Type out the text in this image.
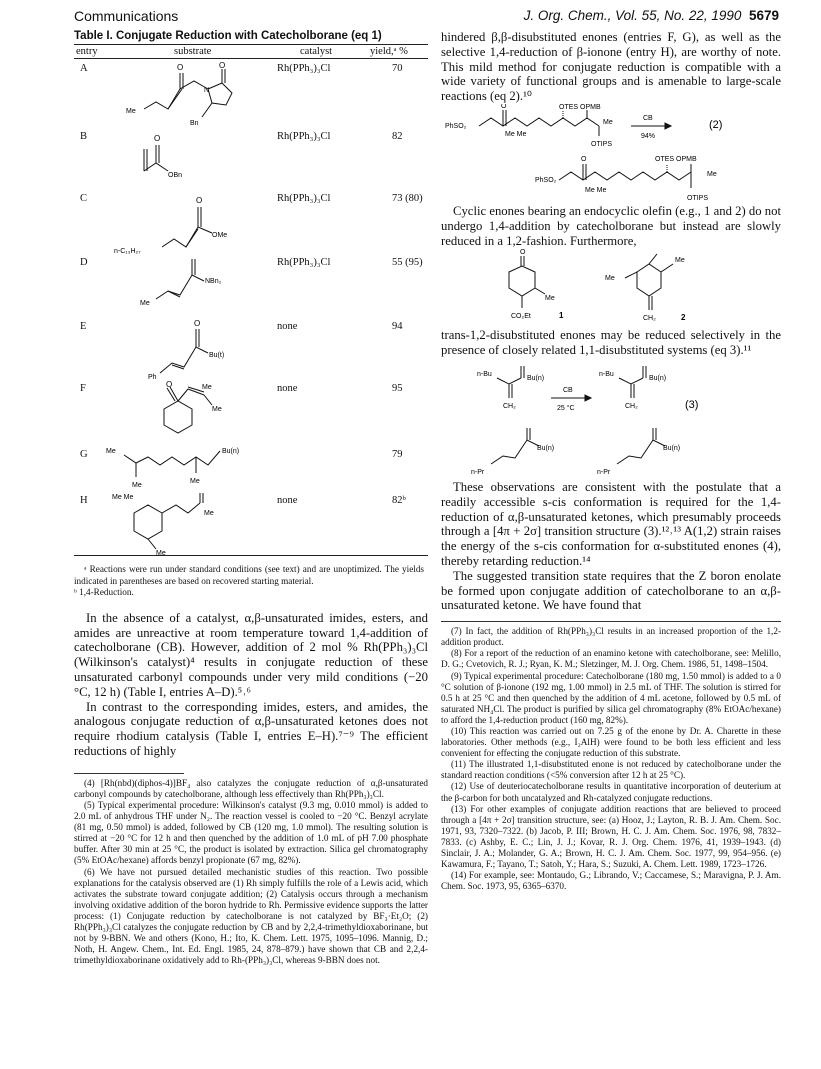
Communications	J. Org. Chem., Vol. 55, No. 22, 1990 5679
Table I. Conjugate Reduction with Catecholborane (eq 1)
entry	substrate	catalyst	yield,ᵃ %
A	Rh(PPh₃)₃Cl	70
O	O
Me
Bn
N
B	Rh(PPh₃)₃Cl	82
O
OBn
C	Rh(PPh₃)₃Cl	73 (80)
O
OMe
n-C₁₃H₂₇
D	Rh(PPh₃)₃Cl	55 (95)
NBn₂
Me
E	none	94
O
Bu(t)
Ph
F	none	95
O	Me
Me
G	79
Me
Me
Me
Bu(n)
H	none	82ᵇ
Me Me
Me
Me
ᵃ Reactions were run under standard conditions (see text) and are unoptimized. The yields indicated in parentheses are based on recovered starting material.
ᵇ 1,4-Reduction.

In the absence of a catalyst, α,β-unsaturated imides, esters, and amides are unreactive at room temperature toward 1,4-addition of catecholborane (CB). However, addition of 2 mol % Rh(PPh₃)₃Cl (Wilkinson's catalyst)⁴ results in conjugate reduction of these unsaturated carbonyl compounds under very mild conditions (−20 °C, 12 h) (Table I, entries A–D).⁵˒⁶

In contrast to the corresponding imides, esters, and amides, the analogous conjugate reduction of α,β-unsaturated ketones does not require rhodium catalysis (Table I, entries E–H).⁷⁻⁹ The efficient reductions of highly

(4) [Rh(nbd)(diphos-4)]BF₄ also catalyzes the conjugate reduction of α,β-unsaturated carbonyl compounds by catecholborane, although less effectively than Rh(PPh₃)₃Cl.

(5) Typical experimental procedure: Wilkinson's catalyst (9.3 mg, 0.010 mmol) is added to 2.0 mL of anhydrous THF under N₂. The reaction vessel is cooled to −20 °C. Benzyl acrylate (81 mg, 0.50 mmol) is added, followed by CB (120 mg, 1.0 mmol). The resulting solution is stirred at −20 °C for 12 h and then quenched by the addition of 1.0 mL of pH 7.00 phosphate buffer. After 30 min at 25 °C, the product is isolated by extraction. Silica gel chromatography (5% EtOAc/hexane) affords benzyl propionate (67 mg, 82%).

(6) We have not pursued detailed mechanistic studies of this reaction. Two possible explanations for the catalysis observed are (1) Rh simply fulfills the role of a Lewis acid, which activates the substrate toward conjugate addition; (2) Catalysis occurs through a mechanism involving oxidative addition of the boron hydride to Rh. Permissive evidence supports the latter process: (1) Conjugate reduction by catecholborane is not catalyzed by BF₃·Et₂O; (2) Rh(PPh₃)₃Cl catalyzes the conjugate reduction by CB and by 2,2,4-trimethyldioxaborinane, but not by 9-BBN. We and others (Kono, H.; Ito, K. Chem. Lett. 1975, 1095–1096. Mannig, D.; Noth, H. Angew. Chem., Int. Ed. Engl. 1985, 24, 878–879.) have shown that CB and 2,2,4-trimethyldioxaborinane oxidatively add to Rh-(PPh₃)₃Cl, whereas 9-BBN does not.

hindered β,β-disubstituted enones (entries F, G), as well as the selective 1,4-reduction of β-ionone (entry H), are worthy of note. This mild method for conjugate reduction is compatible with a wide variety of functional groups and is amenable to large-scale reactions (eq 2).¹⁰

O	OTES OPMB
PhSO₂
Me Me
Me
OTIPS
CB
94%
O	OTES OPMB
PhSO₂
Me Me
Me
OTIPS
(2)

Cyclic enones bearing an endocyclic olefin (e.g., 1 and 2) do not undergo 1,4-addition by catecholborane but instead are slowly reduced in a 1,2-fashion. Furthermore,

O
Me
CO₂Et	1
Me
Me
CH₂	2

trans-1,2-disubstituted enones may be reduced selectively in the presence of closely related 1,1-disubstituted systems (eq 3).¹¹

n-Bu
Bu(n)
CH₂
CB
25 °C
n-Bu
Bu(n)
CH₂	(3)
Bu(n)
n-Pr
Bu(n)
n-Pr

These observations are consistent with the postulate that a readily accessible s-cis conformation is required for the 1,4-reduction of α,β-unsaturated ketones, which presumably proceeds through a [4π + 2σ] transition structure (3).¹²˒¹³ A(1,2) strain raises the energy of the s-cis conformation for α-substituted enones (4), thereby retarding reduction.¹⁴

The suggested transition state requires that the Z boron enolate be formed upon conjugate addition of catecholborane to an α,β-unsaturated ketone. We have found that

(7) In fact, the addition of Rh(PPh₃)₃Cl results in an increased proportion of the 1,2-addition product.

(8) For a report of the reduction of an enamino ketone with catecholborane, see: Melillo, D. G.; Cvetovich, R. J.; Ryan, K. M.; Sletzinger, M. J. Org. Chem. 1986, 51, 1498–1504.

(9) Typical experimental procedure: Catecholborane (180 mg, 1.50 mmol) is added to a 0 °C solution of β-ionone (192 mg, 1.00 mmol) in 2.5 mL of THF. The solution is stirred for 0.5 h at 25 °C and then quenched by the addition of 4 mL acetone, followed by 0.5 mL of saturated NH₄Cl. The product is purified by silica gel chromatography (8% EtOAc/hexane) to afford the 1,4-reduction product (160 mg, 82%).

(10) This reaction was carried out on 7.25 g of the enone by Dr. A. Charette in these laboratories. Other methods (e.g., I₂AlH) were found to be both less efficient and less convenient for effecting the conjugate reduction of this substrate.

(11) The illustrated 1,1-disubstituted enone is not reduced by catecholborane under the standard reaction conditions (<5% conversion after 12 h at 25 °C).

(12) Use of deuteriocatecholborane results in quantitative incorporation of deuterium at the β-carbon for both uncatalyzed and Rh-catalyzed conjugate reductions.

(13) For other examples of conjugate addition reactions that are believed to proceed through a [4π + 2σ] transition structure, see: (a) Hooz, J.; Layton, R. B. J. Am. Chem. Soc. 1971, 93, 7320–7322. (b) Jacob, P. III; Brown, H. C. J. Am. Chem. Soc. 1976, 98, 7832–7833. (c) Ashby, E. C.; Lin, J. J.; Kovar, R. J. Org. Chem. 1976, 41, 1939–1943. (d) Sinclair, J. A.; Molander, G. A.; Brown, H. C. J. Am. Chem. Soc. 1977, 99, 954–956. (e) Kawamura, F.; Tayano, T.; Satoh, Y.; Hara, S.; Suzuki, A. Chem. Lett. 1989, 1723–1726.

(14) For example, see: Montaudo, G.; Librando, V.; Caccamese, S.; Maravigna, P. J. Am. Chem. Soc. 1973, 95, 6365–6370.
